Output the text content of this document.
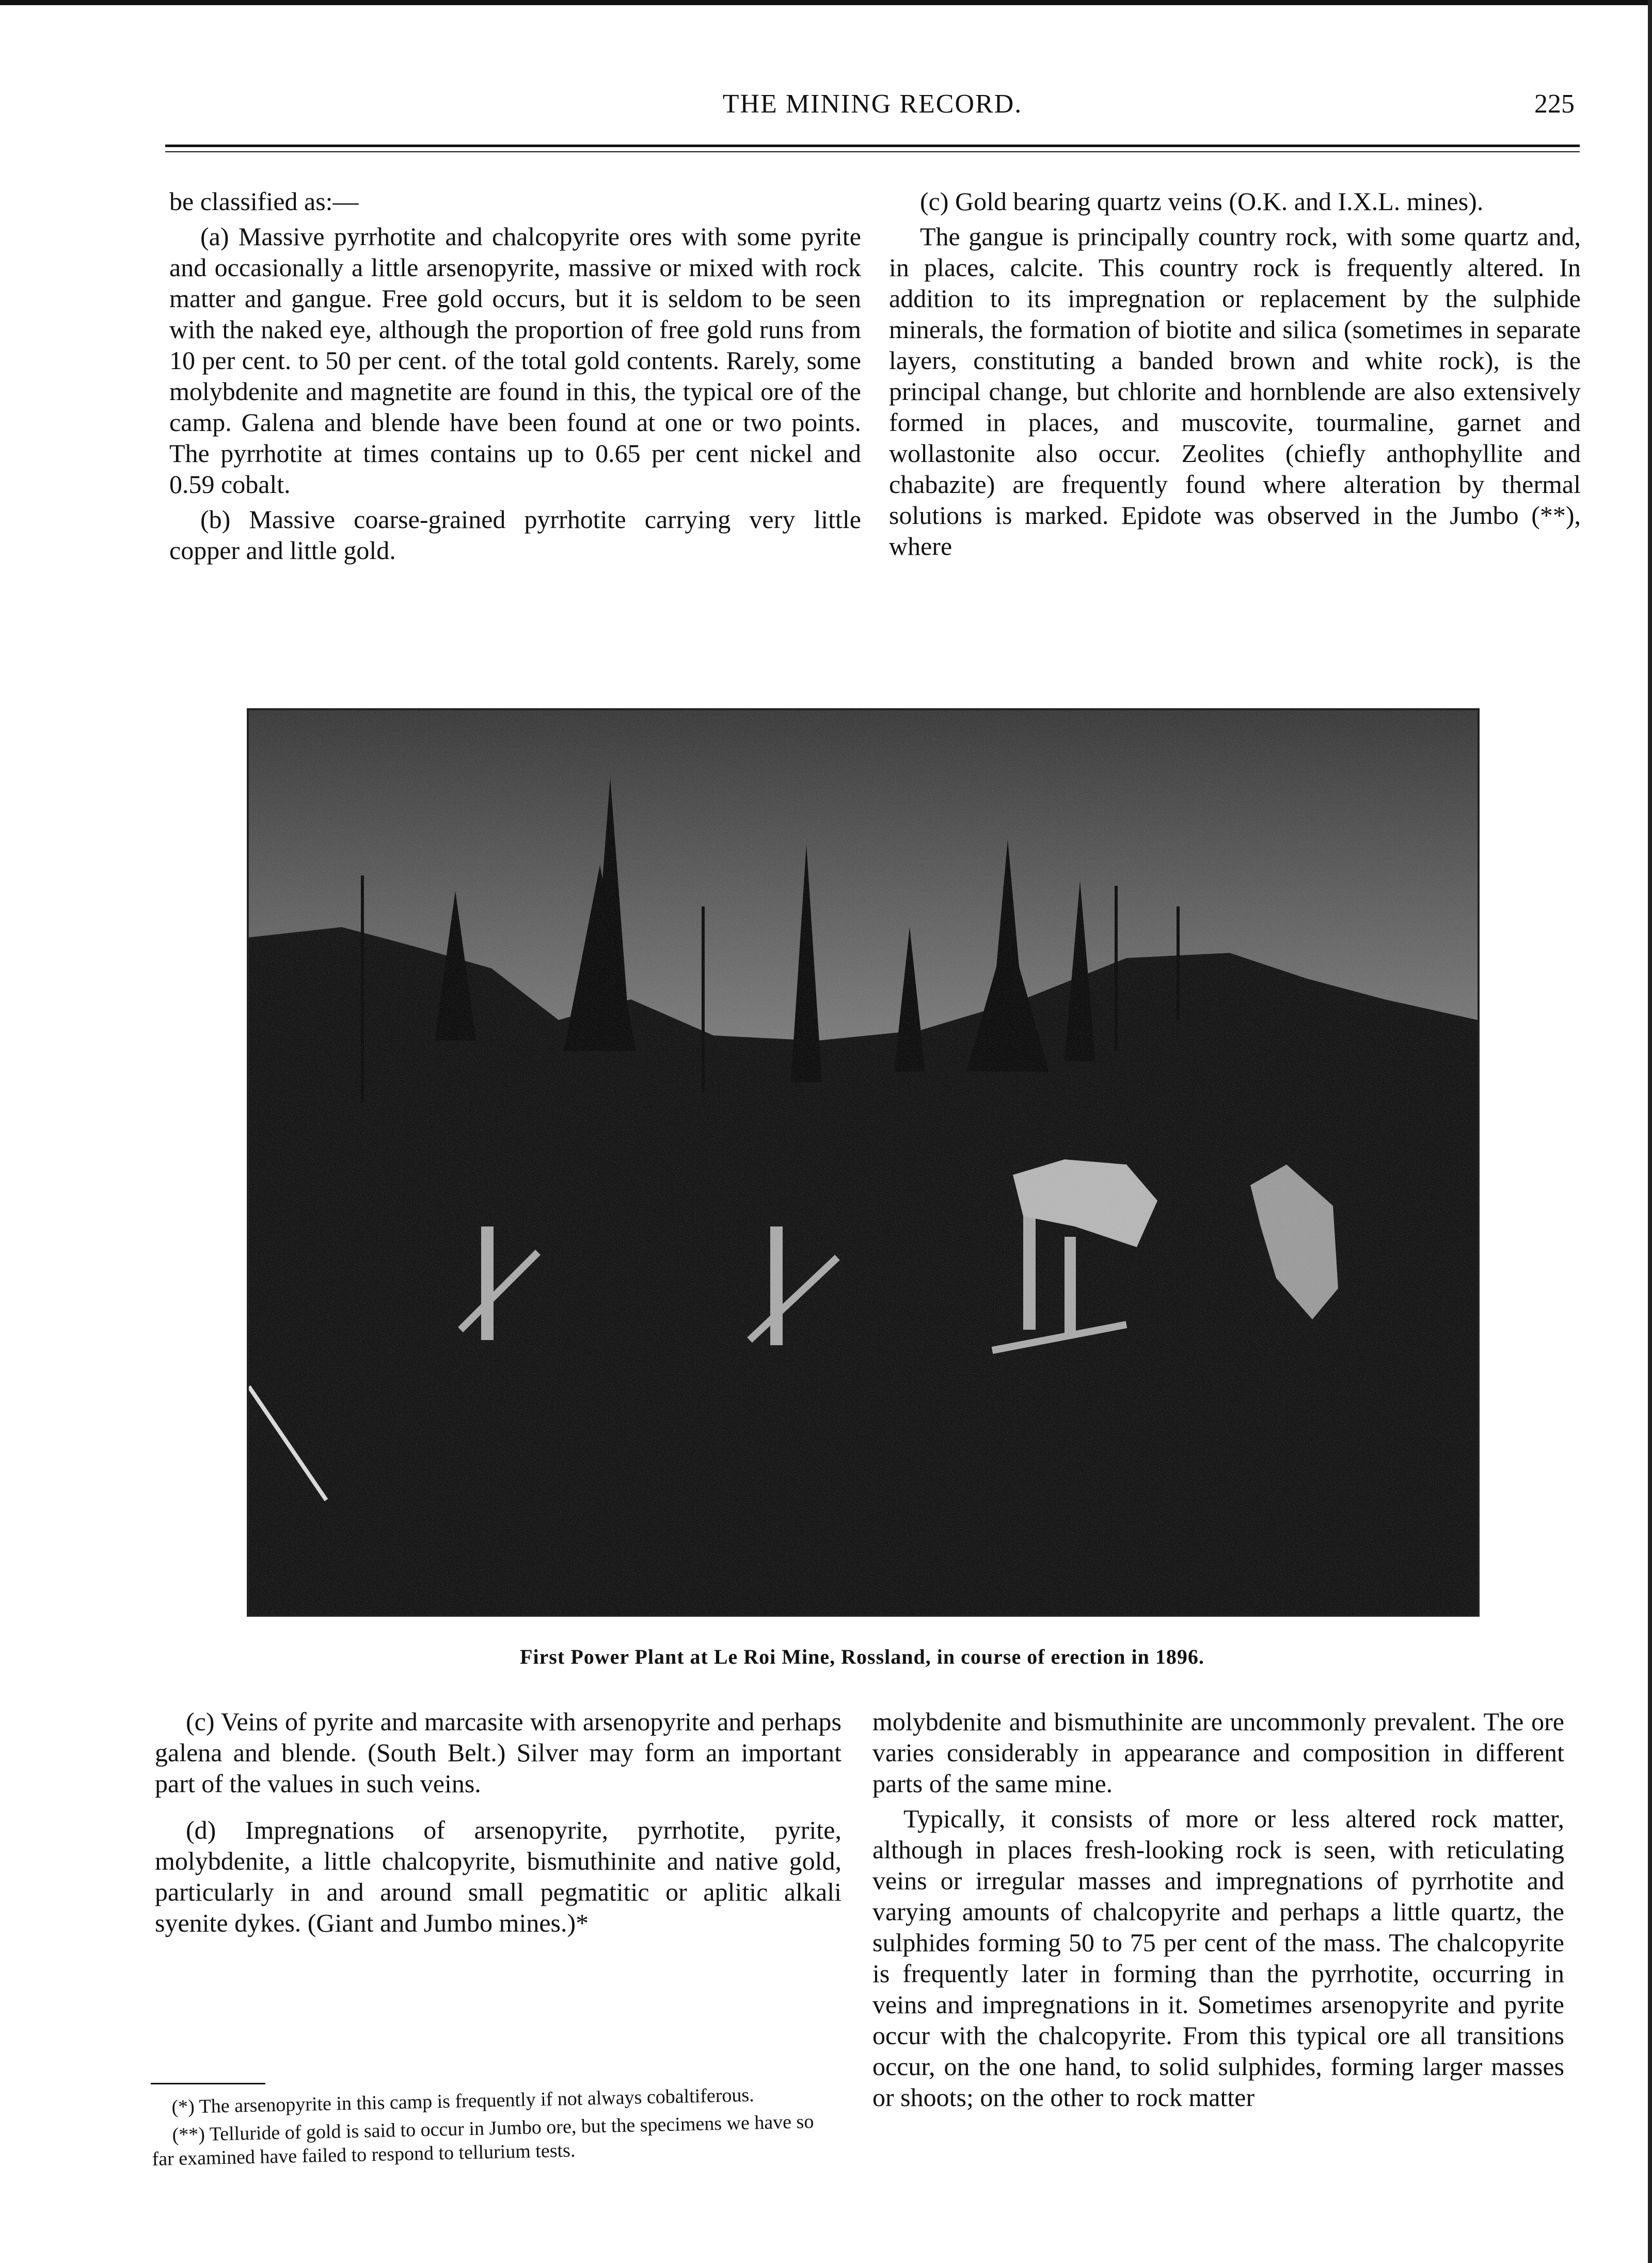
THE MINING RECORD.	225

be classified as:—

(a) Massive pyrrhotite and chalcopyrite ores with some pyrite and occasionally a little arsenopyrite, massive or mixed with rock matter and gangue. Free gold occurs, but it is seldom to be seen with the naked eye, although the proportion of free gold runs from 10 per cent. to 50 per cent. of the total gold contents. Rarely, some molybdenite and magnetite are found in this, the typical ore of the camp. Galena and blende have been found at one or two points. The pyrrhotite at times contains up to 0.65 per cent nickel and 0.59 cobalt.

(b) Massive coarse-grained pyrrhotite carrying very little copper and little gold.

(c) Gold bearing quartz veins (O.K. and I.X.L. mines).

The gangue is principally country rock, with some quartz and, in places, calcite. This country rock is frequently altered. In addition to its impregnation or replacement by the sulphide minerals, the formation of biotite and silica (sometimes in separate layers, constituting a banded brown and white rock), is the principal change, but chlorite and hornblende are also extensively formed in places, and muscovite, tourmaline, garnet and wollastonite also occur. Zeolites (chiefly anthophyllite and chabazite) are frequently found where alteration by thermal solutions is marked. Epidote was observed in the Jumbo (**), where

First Power Plant at Le Roi Mine, Rossland, in course of erection in 1896.

(c) Veins of pyrite and marcasite with arsenopyrite and perhaps galena and blende. (South Belt.) Silver may form an important part of the values in such veins.

(d) Impregnations of arsenopyrite, pyrrhotite, pyrite, molybdenite, a little chalcopyrite, bismuthinite and native gold, particularly in and around small pegmatitic or aplitic alkali syenite dykes. (Giant and Jumbo mines.)*

(*) The arsenopyrite in this camp is frequently if not always cobaltiferous.

(**) Telluride of gold is said to occur in Jumbo ore, but the specimens we have so far examined have failed to respond to tellurium tests.

molybdenite and bismuthinite are uncommonly prevalent. The ore varies considerably in appearance and composition in different parts of the same mine.

Typically, it consists of more or less altered rock matter, although in places fresh-looking rock is seen, with reticulating veins or irregular masses and impregnations of pyrrhotite and varying amounts of chalcopyrite and perhaps a little quartz, the sulphides forming 50 to 75 per cent of the mass. The chalcopyrite is frequently later in forming than the pyrrhotite, occurring in veins and impregnations in it. Sometimes arsenopyrite and pyrite occur with the chalcopyrite. From this typical ore all transitions occur, on the one hand, to solid sulphides, forming larger masses or shoots; on the other to rock matter
